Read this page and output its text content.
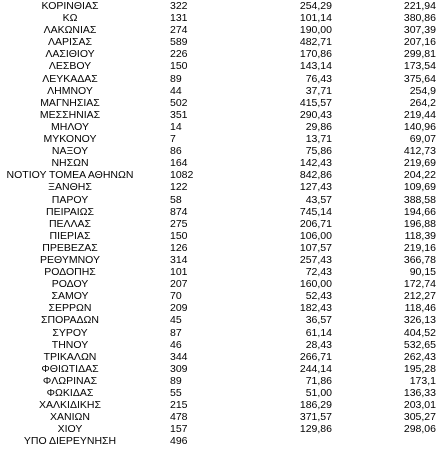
ΚΟΡΙΝΘΙΑΣ	322	254,29	221,94
ΚΩ	131	101,14	380,86
ΛΑΚΩΝΙΑΣ	274	190,00	307,39
ΛΑΡΙΣΑΣ	589	482,71	207,16
ΛΑΣΙΘΙΟΥ	226	170,86	299,81
ΛΕΣΒΟΥ	150	143,14	173,54
ΛΕΥΚΑΔΑΣ	89	76,43	375,64
ΛΗΜΝΟΥ	44	37,71	254,9
ΜΑΓΝΗΣΙΑΣ	502	415,57	264,2
ΜΕΣΣΗΝΙΑΣ	351	290,43	219,44
ΜΗΛΟΥ	14	29,86	140,96
ΜΥΚΟΝΟΥ	7	13,71	69,07
ΝΑΞΟΥ	86	75,86	412,73
ΝΗΣΩΝ	164	142,43	219,69
ΝΟΤΙΟΥ ΤΟΜΕΑ ΑΘΗΝΩΝ	1082	842,86	204,22
ΞΑΝΘΗΣ	122	127,43	109,69
ΠΑΡΟΥ	58	43,57	388,58
ΠΕΙΡΑΙΩΣ	874	745,14	194,66
ΠΕΛΛΑΣ	275	206,71	196,88
ΠΙΕΡΙΑΣ	150	106,00	118,39
ΠΡΕΒΕΖΑΣ	126	107,57	219,16
ΡΕΘΥΜΝΟΥ	314	257,43	366,78
ΡΟΔΟΠΗΣ	101	72,43	90,15
ΡΟΔΟΥ	207	160,00	172,74
ΣΑΜΟΥ	70	52,43	212,27
ΣΕΡΡΩΝ	209	182,43	118,46
ΣΠΟΡΑΔΩΝ	45	36,57	326,13
ΣΥΡΟΥ	87	61,14	404,52
ΤΗΝΟΥ	46	28,43	532,65
ΤΡΙΚΑΛΩΝ	344	266,71	262,43
ΦΘΙΩΤΙΔΑΣ	309	244,14	195,28
ΦΛΩΡΙΝΑΣ	89	71,86	173,1
ΦΩΚΙΔΑΣ	55	51,00	136,33
ΧΑΛΚΙΔΙΚΗΣ	215	186,29	203,01
ΧΑΝΙΩΝ	478	371,57	305,27
ΧΙΟΥ	157	129,86	298,06
ΥΠΟ ΔΙΕΡΕΥΝΗΣΗ	496
